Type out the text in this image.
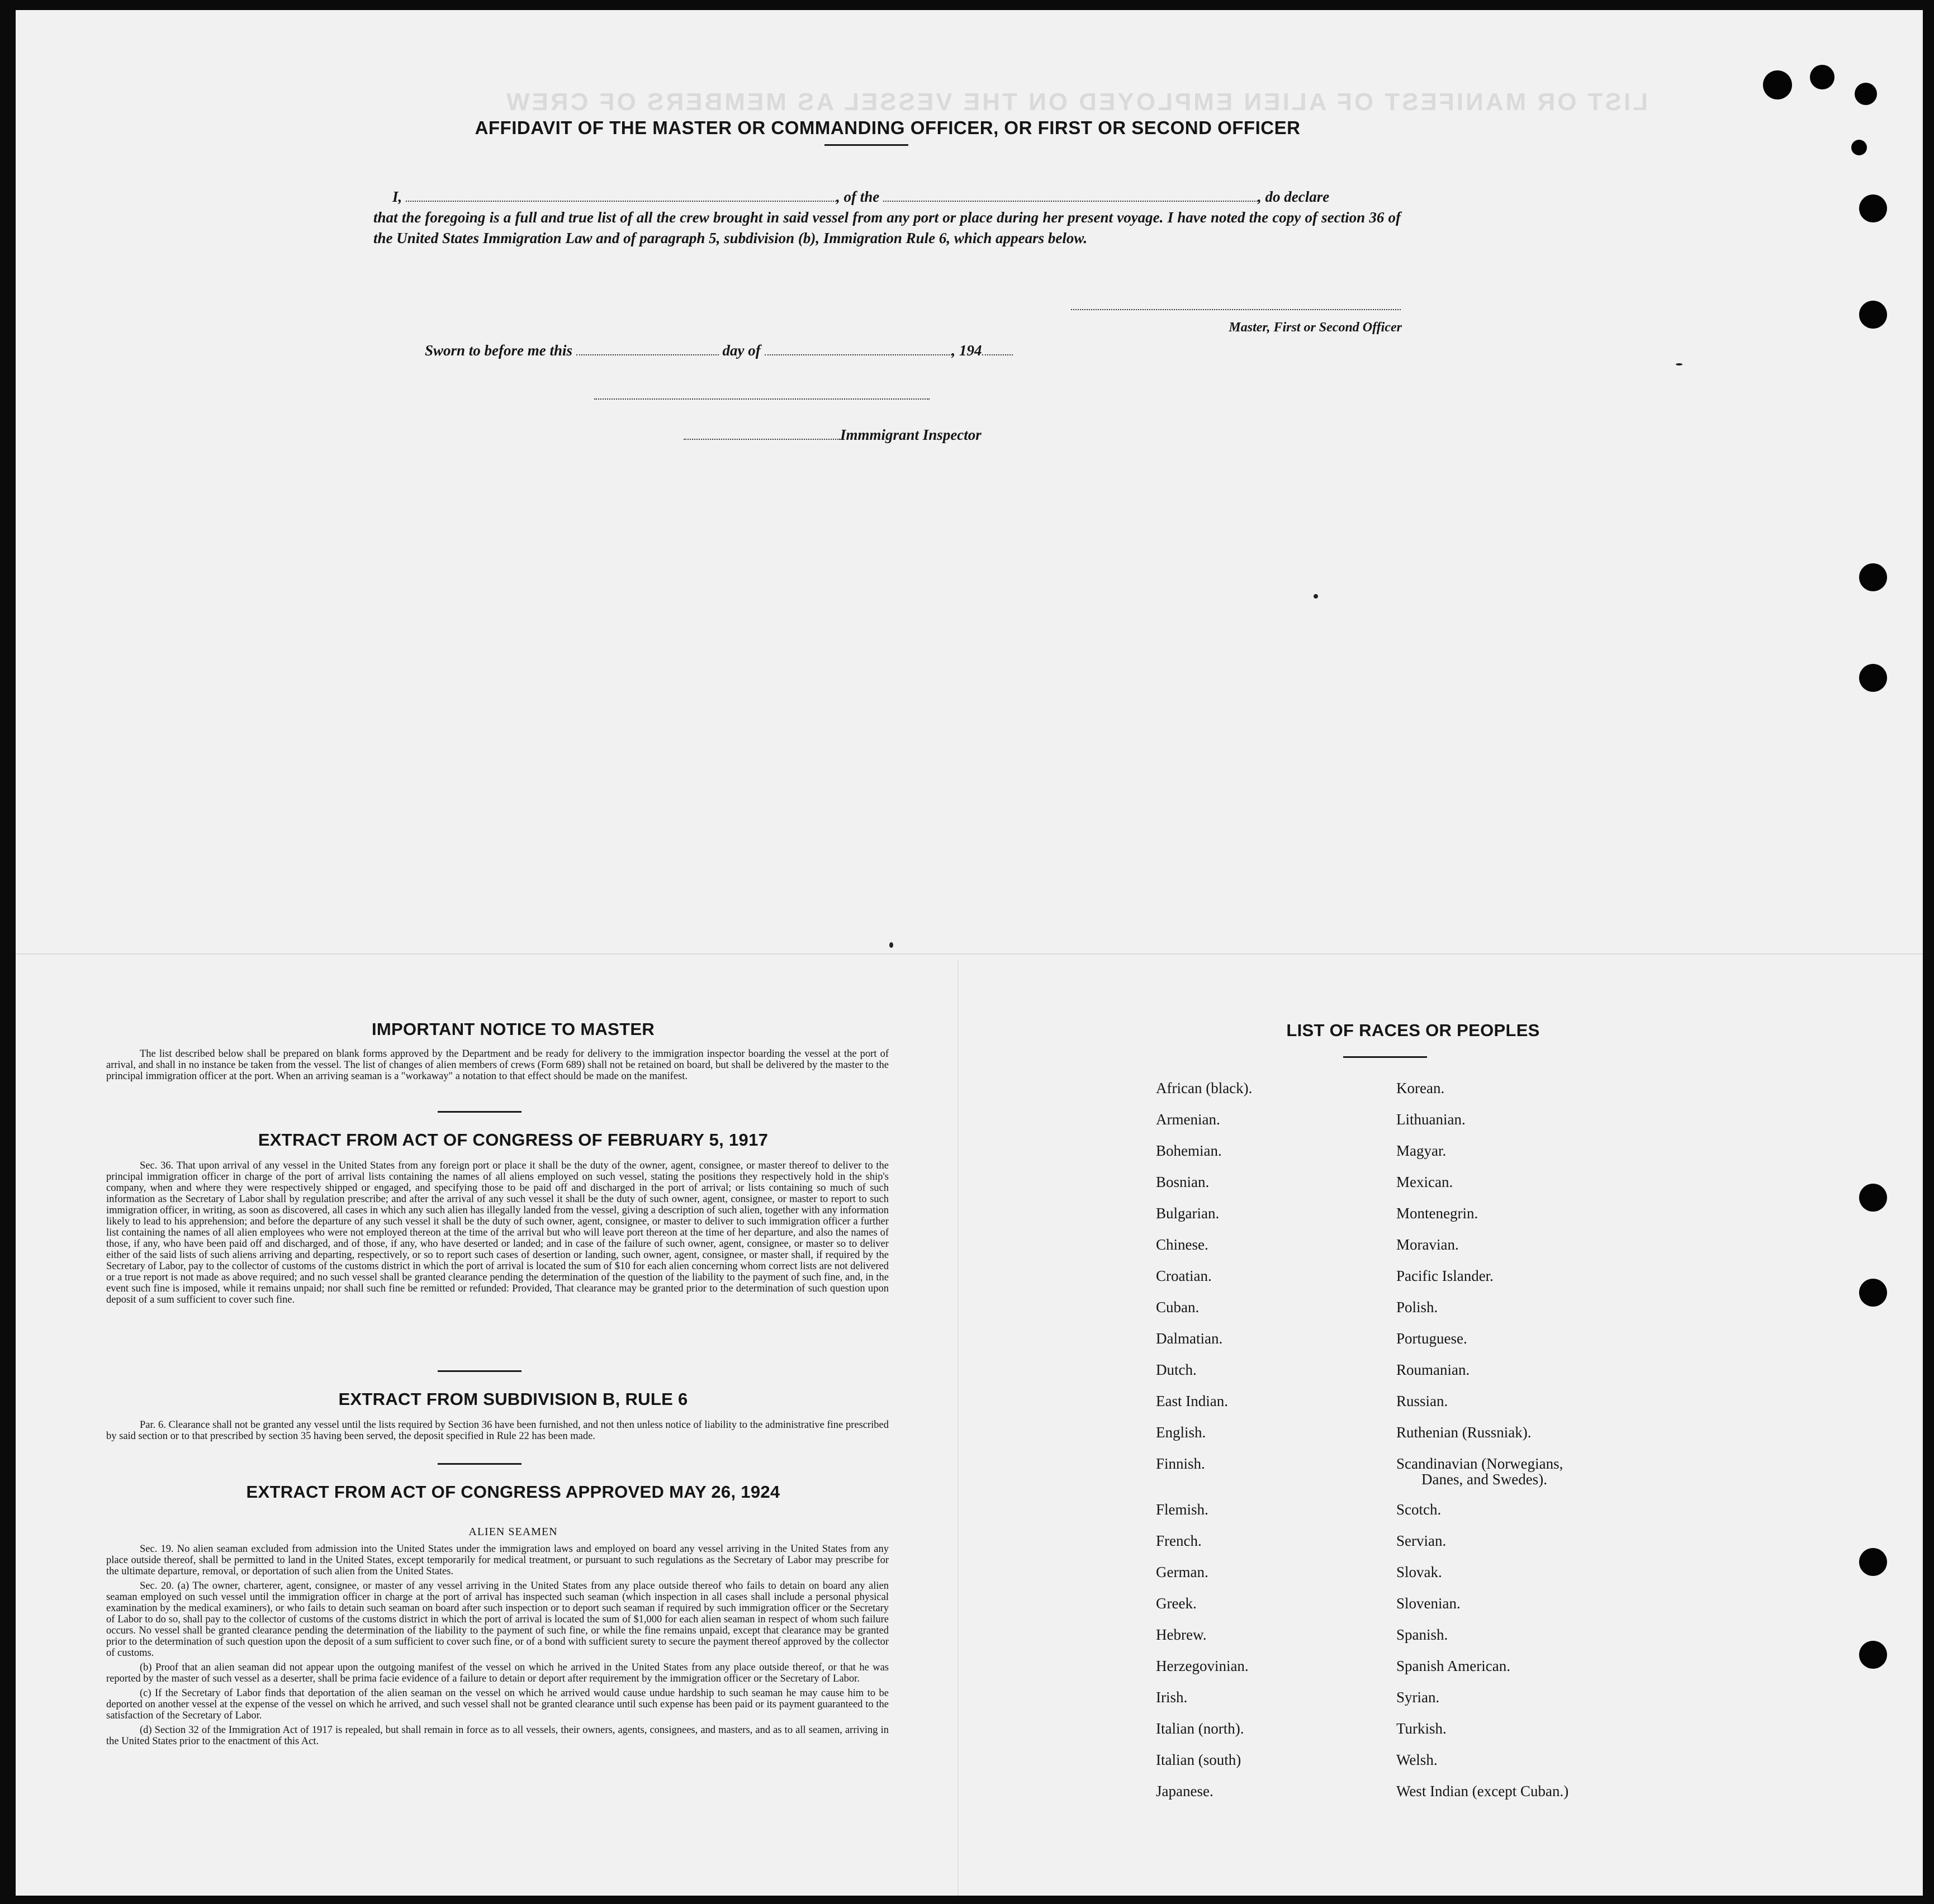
LIST OR MANIFEST OF ALIEN EMPLOYED ON THE VESSEL AS MEMBERS OF CREW
AFFIDAVIT OF THE MASTER OR COMMANDING OFFICER, OR FIRST OR SECOND OFFICER
I,	, of the	, do declare
that the foregoing is a full and true list of all the crew brought in said vessel from any port or place during her present voyage. I have noted the copy of section 36 of the United States Immigration Law and of paragraph 5, subdivision (b), Immigration Rule 6, which appears below.
Master, First or Second Officer
Sworn to before me this	day of	, 194
Immmigrant Inspector
IMPORTANT NOTICE TO MASTER

The list described below shall be prepared on blank forms approved by the Department and be ready for delivery to the immigration inspector boarding the vessel at the port of arrival, and shall in no instance be taken from the vessel. The list of changes of alien members of crews (Form 689) shall not be retained on board, but shall be delivered by the master to the principal immigration officer at the port. When an arriving seaman is a "workaway" a notation to that effect should be made on the manifest.

EXTRACT FROM ACT OF CONGRESS OF FEBRUARY 5, 1917

Sec. 36. That upon arrival of any vessel in the United States from any foreign port or place it shall be the duty of the owner, agent, consignee, or master thereof to deliver to the principal immigration officer in charge of the port of arrival lists containing the names of all aliens employed on such vessel, stating the positions they respectively hold in the ship's company, when and where they were respectively shipped or engaged, and specifying those to be paid off and discharged in the port of arrival; or lists containing so much of such information as the Secretary of Labor shall by regulation prescribe; and after the arrival of any such vessel it shall be the duty of such owner, agent, consignee, or master to report to such immigration officer, in writing, as soon as discovered, all cases in which any such alien has illegally landed from the vessel, giving a description of such alien, together with any information likely to lead to his apprehension; and before the departure of any such vessel it shall be the duty of such owner, agent, consignee, or master to deliver to such immigration officer a further list containing the names of all alien employees who were not employed thereon at the time of the arrival but who will leave port thereon at the time of her departure, and also the names of those, if any, who have been paid off and discharged, and of those, if any, who have deserted or landed; and in case of the failure of such owner, agent, consignee, or master so to deliver either of the said lists of such aliens arriving and departing, respectively, or so to report such cases of desertion or landing, such owner, agent, consignee, or master shall, if required by the Secretary of Labor, pay to the collector of customs of the customs district in which the port of arrival is located the sum of $10 for each alien concerning whom correct lists are not delivered or a true report is not made as above required; and no such vessel shall be granted clearance pending the determination of the question of the liability to the payment of such fine, and, in the event such fine is imposed, while it remains unpaid; nor shall such fine be remitted or refunded: Provided, That clearance may be granted prior to the determination of such question upon deposit of a sum sufficient to cover such fine.

EXTRACT FROM SUBDIVISION B, RULE 6

Par. 6. Clearance shall not be granted any vessel until the lists required by Section 36 have been furnished, and not then unless notice of liability to the administrative fine prescribed by said section or to that prescribed by section 35 having been served, the deposit specified in Rule 22 has been made.

EXTRACT FROM ACT OF CONGRESS APPROVED MAY 26, 1924
ALIEN SEAMEN

Sec. 19. No alien seaman excluded from admission into the United States under the immigration laws and employed on board any vessel arriving in the United States from any place outside thereof, shall be permitted to land in the United States, except temporarily for medical treatment, or pursuant to such regulations as the Secretary of Labor may prescribe for the ultimate departure, removal, or deportation of such alien from the United States.

Sec. 20. (a) The owner, charterer, agent, consignee, or master of any vessel arriving in the United States from any place outside thereof who fails to detain on board any alien seaman employed on such vessel until the immigration officer in charge at the port of arrival has inspected such seaman (which inspection in all cases shall include a personal physical examination by the medical examiners), or who fails to detain such seaman on board after such inspection or to deport such seaman if required by such immigration officer or the Secretary of Labor to do so, shall pay to the collector of customs of the customs district in which the port of arrival is located the sum of $1,000 for each alien seaman in respect of whom such failure occurs. No vessel shall be granted clearance pending the determination of the liability to the payment of such fine, or while the fine remains unpaid, except that clearance may be granted prior to the determination of such question upon the deposit of a sum sufficient to cover such fine, or of a bond with sufficient surety to secure the payment thereof approved by the collector of customs.

(b) Proof that an alien seaman did not appear upon the outgoing manifest of the vessel on which he arrived in the United States from any place outside thereof, or that he was reported by the master of such vessel as a deserter, shall be prima facie evidence of a failure to detain or deport after requirement by the immigration officer or the Secretary of Labor.

(c) If the Secretary of Labor finds that deportation of the alien seaman on the vessel on which he arrived would cause undue hardship to such seaman he may cause him to be deported on another vessel at the expense of the vessel on which he arrived, and such vessel shall not be granted clearance until such expense has been paid or its payment guaranteed to the satisfaction of the Secretary of Labor.

(d) Section 32 of the Immigration Act of 1917 is repealed, but shall remain in force as to all vessels, their owners, agents, consignees, and masters, and as to all seamen, arriving in the United States prior to the enactment of this Act.

LIST OF RACES OR PEOPLES
African (black).
Armenian.
Bohemian.
Bosnian.
Bulgarian.
Chinese.
Croatian.
Cuban.
Dalmatian.
Dutch.
East Indian.
English.
Finnish.
Flemish.
French.
German.
Greek.
Hebrew.
Herzegovinian.
Irish.
Italian (north).
Italian (south)
Japanese.
Korean.
Lithuanian.
Magyar.
Mexican.
Montenegrin.
Moravian.
Pacific Islander.
Polish.
Portuguese.
Roumanian.
Russian.
Ruthenian (Russniak).
Scandinavian (Norwegians,
Danes, and Swedes).
Scotch.
Servian.
Slovak.
Slovenian.
Spanish.
Spanish American.
Syrian.
Turkish.
Welsh.
West Indian (except Cuban.)
